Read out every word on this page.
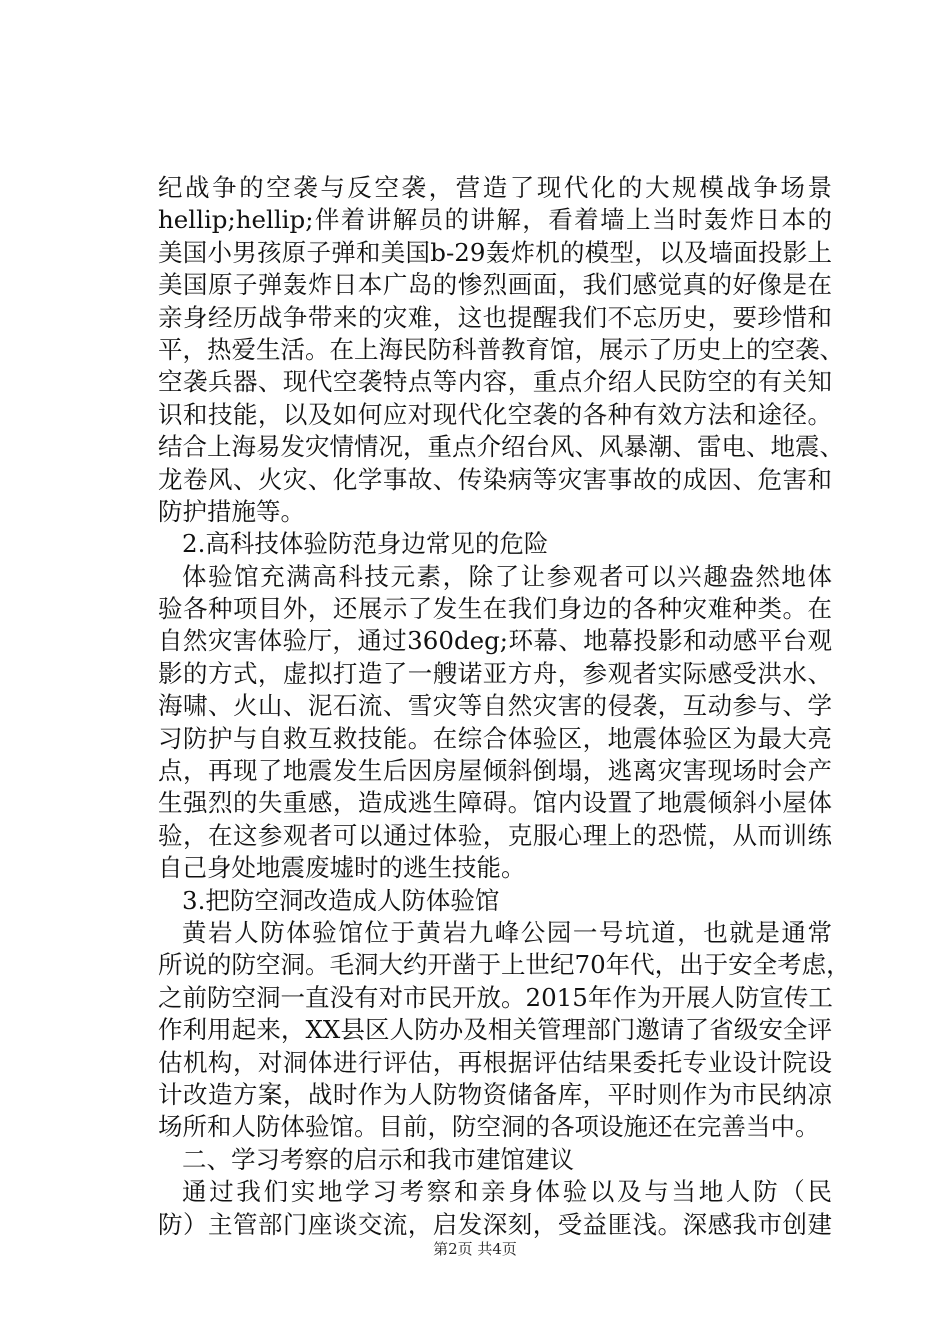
纪战争的空袭与反空袭，营造了现代化的大规模战争场景
hellip;hellip;伴着讲解员的讲解，看着墙上当时轰炸日本的
美国小男孩原子弹和美国b-29轰炸机的模型，以及墙面投影上
美国原子弹轰炸日本广岛的惨烈画面，我们感觉真的好像是在
亲身经历战争带来的灾难，这也提醒我们不忘历史，要珍惜和
平，热爱生活。在上海民防科普教育馆，展示了历史上的空袭、
空袭兵器、现代空袭特点等内容，重点介绍人民防空的有关知
识和技能，以及如何应对现代化空袭的各种有效方法和途径。
结合上海易发灾情情况，重点介绍台风、风暴潮、雷电、地震、
龙卷风、火灾、化学事故、传染病等灾害事故的成因、危害和
防护措施等。
2.高科技体验防范身边常见的危险
体验馆充满高科技元素，除了让参观者可以兴趣盎然地体
验各种项目外，还展示了发生在我们身边的各种灾难种类。在
自然灾害体验厅，通过360deg;环幕、地幕投影和动感平台观
影的方式，虚拟打造了一艘诺亚方舟，参观者实际感受洪水、
海啸、火山、泥石流、雪灾等自然灾害的侵袭，互动参与、学
习防护与自救互救技能。在综合体验区，地震体验区为最大亮
点，再现了地震发生后因房屋倾斜倒塌，逃离灾害现场时会产
生强烈的失重感，造成逃生障碍。馆内设置了地震倾斜小屋体
验，在这参观者可以通过体验，克服心理上的恐慌，从而训练
自己身处地震废墟时的逃生技能。
3.把防空洞改造成人防体验馆
黄岩人防体验馆位于黄岩九峰公园一号坑道，也就是通常
所说的防空洞。毛洞大约开凿于上世纪70年代，出于安全考虑，
之前防空洞一直没有对市民开放。2015年作为开展人防宣传工
作利用起来，XX县区人防办及相关管理部门邀请了省级安全评
估机构，对洞体进行评估，再根据评估结果委托专业设计院设
计改造方案，战时作为人防物资储备库，平时则作为市民纳凉
场所和人防体验馆。目前，防空洞的各项设施还在完善当中。
二、学习考察的启示和我市建馆建议
通过我们实地学习考察和亲身体验以及与当地人防（民
防）主管部门座谈交流，启发深刻，受益匪浅。深感我市创建
第2页 共4页
